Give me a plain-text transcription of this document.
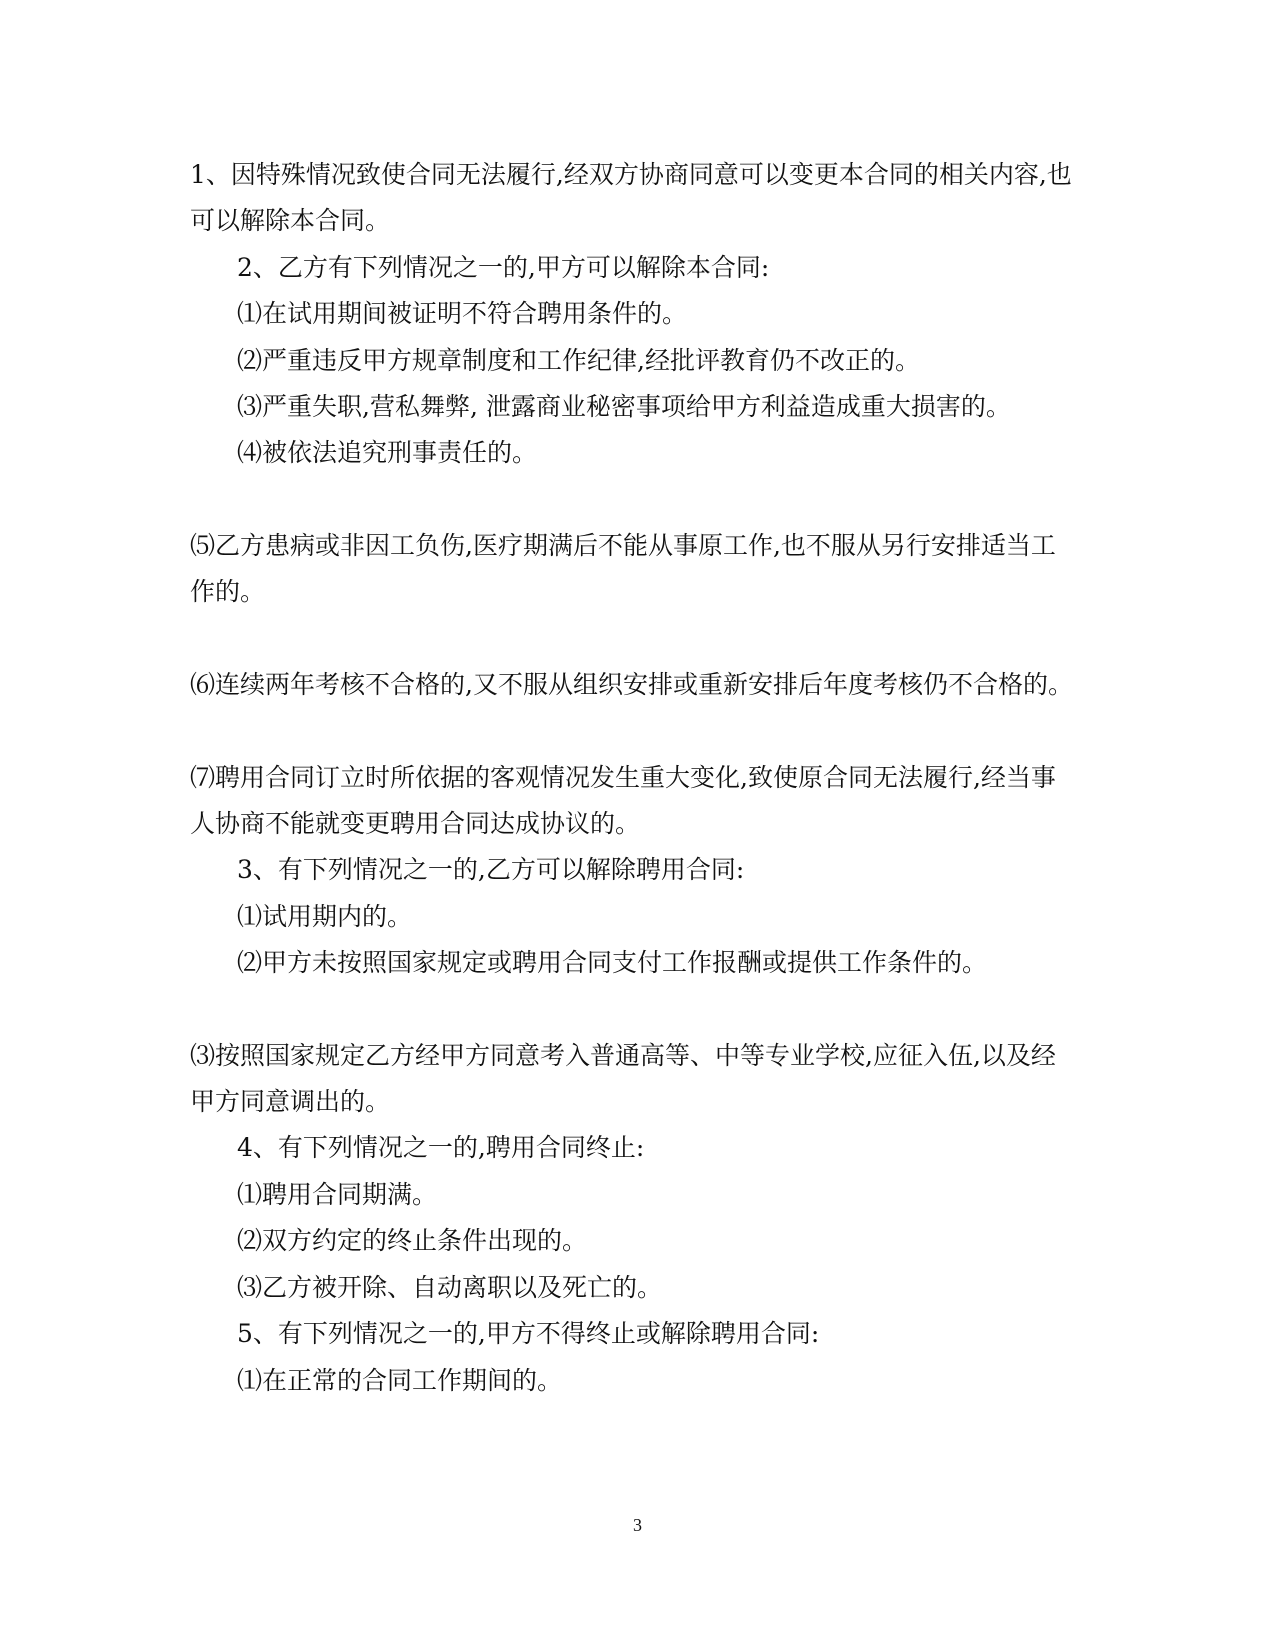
1、因特殊情况致使合同无法履行,经双方协商同意可以变更本合同的相关内容,也
可以解除本合同。
2、乙方有下列情况之一的,甲方可以解除本合同:
⑴在试用期间被证明不符合聘用条件的。
⑵严重违反甲方规章制度和工作纪律,经批评教育仍不改正的。
⑶严重失职,营私舞弊, 泄露商业秘密事项给甲方利益造成重大损害的。
⑷被依法追究刑事责任的。
⑸乙方患病或非因工负伤,医疗期满后不能从事原工作,也不服从另行安排适当工
作的。
⑹连续两年考核不合格的,又不服从组织安排或重新安排后年度考核仍不合格的。
⑺聘用合同订立时所依据的客观情况发生重大变化,致使原合同无法履行,经当事
人协商不能就变更聘用合同达成协议的。
3、有下列情况之一的,乙方可以解除聘用合同:
⑴试用期内的。
⑵甲方未按照国家规定或聘用合同支付工作报酬或提供工作条件的。
⑶按照国家规定乙方经甲方同意考入普通高等、中等专业学校,应征入伍,以及经
甲方同意调出的。
4、有下列情况之一的,聘用合同终止:
⑴聘用合同期满。
⑵双方约定的终止条件出现的。
⑶乙方被开除、自动离职以及死亡的。
5、有下列情况之一的,甲方不得终止或解除聘用合同:
⑴在正常的合同工作期间的。
3
